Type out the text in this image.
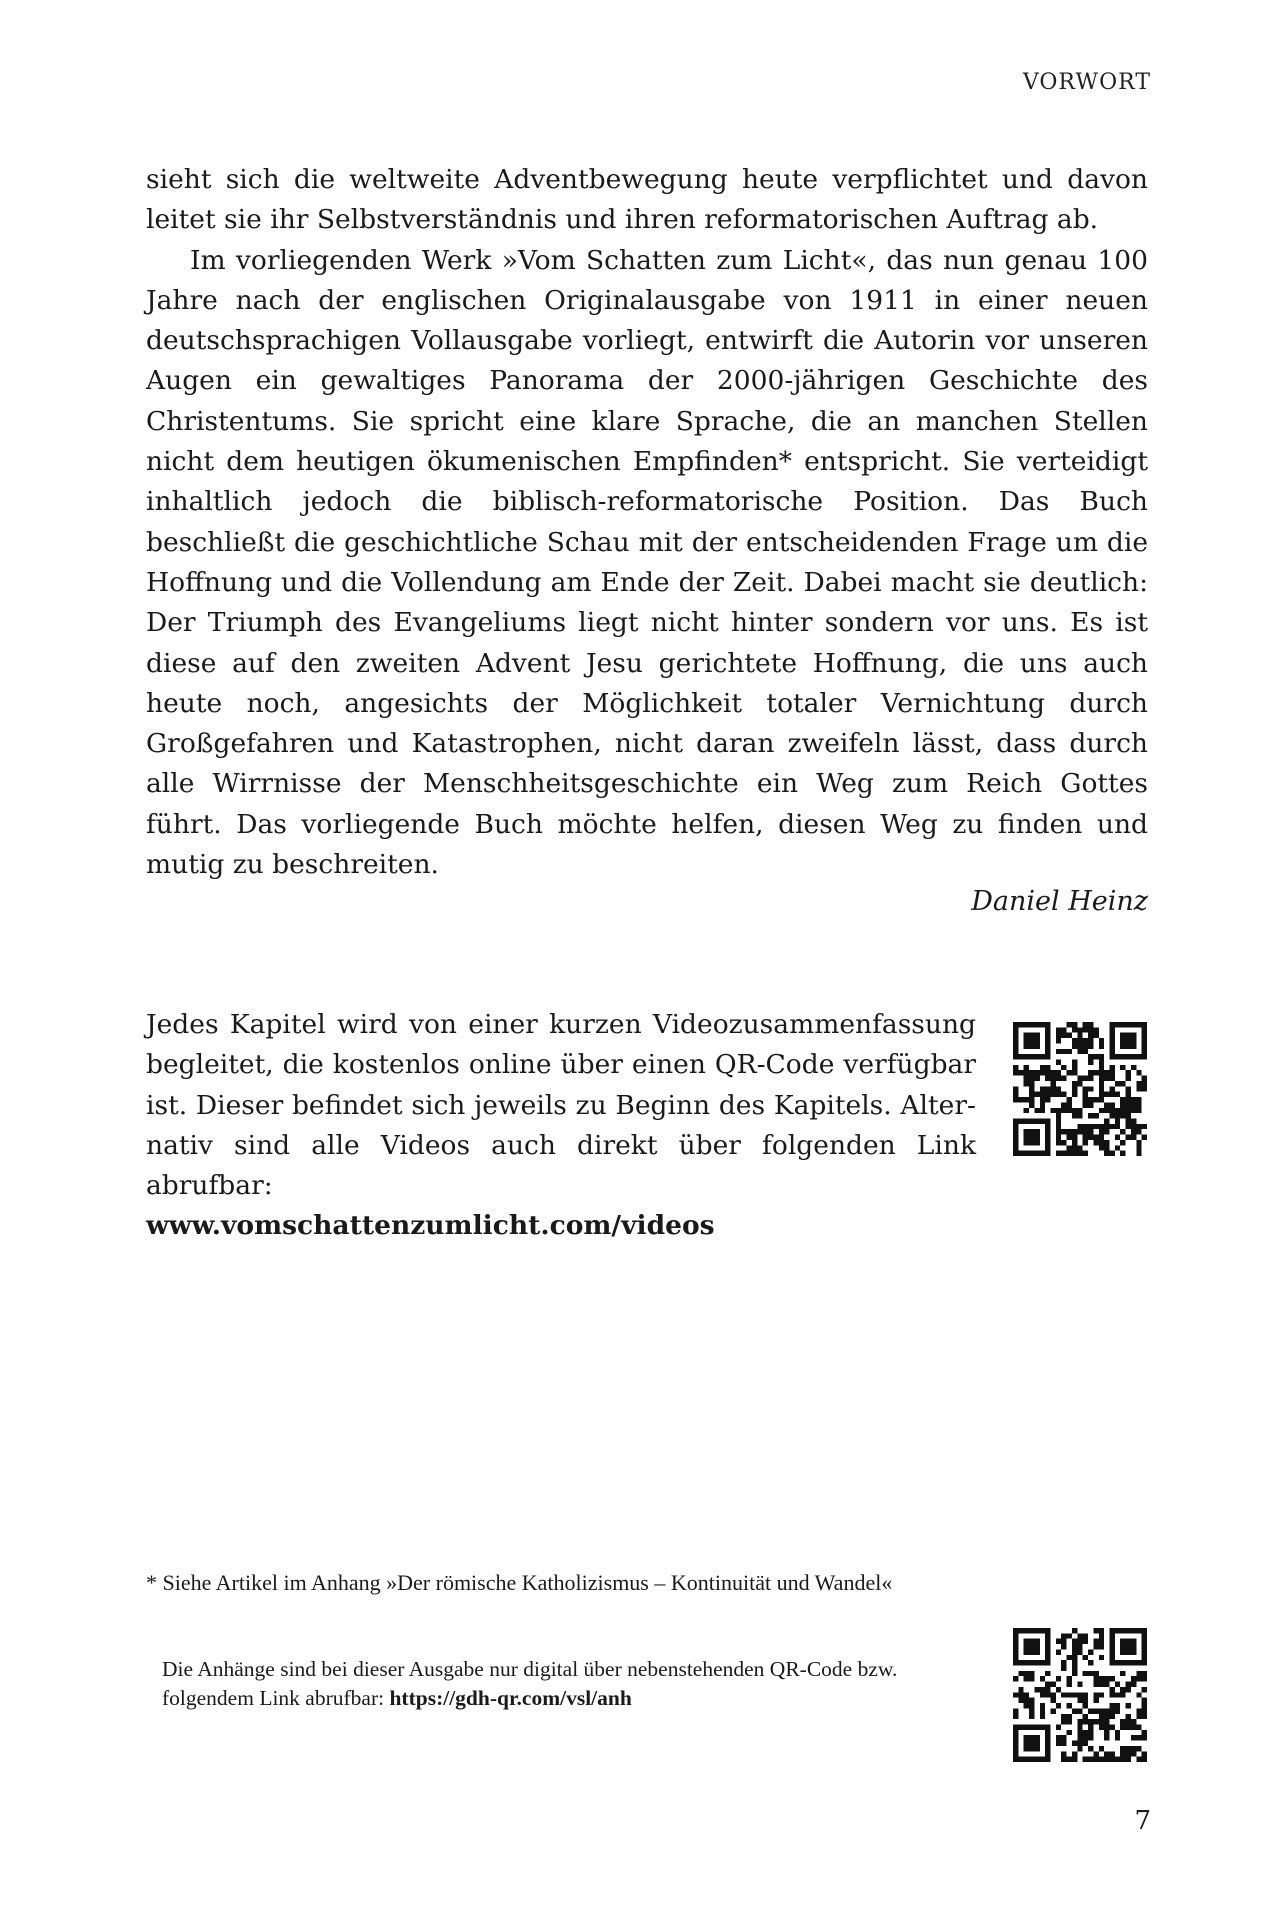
VORWORT

sieht sich die weltweite Adventbewegung heute verpflichtet und davon leitet sie ihr Selbstverständnis und ihren reformatorischen Auftrag ab.

Im vorliegenden Werk »Vom Schatten zum Licht«, das nun genau 100 Jahre nach der englischen Originalausgabe von 1911 in einer neuen deutschsprachigen Vollausgabe vorliegt, entwirft die Autorin vor unseren Augen ein gewaltiges Panorama der 2000-jährigen Geschichte des Christentums. Sie spricht eine klare Sprache, die an manchen Stellen nicht dem heutigen ökumenischen Empfinden* entspricht. Sie verteidigt inhaltlich jedoch die biblisch-reformatorische Position. Das Buch beschließt die geschichtliche Schau mit der entscheidenden Frage um die Hoffnung und die Vollendung am Ende der Zeit. Dabei macht sie deutlich: Der Triumph des Evangeliums liegt nicht hinter sondern vor uns. Es ist diese auf den zweiten Advent Jesu gerichtete Hoffnung, die uns auch heute noch, angesichts der Möglichkeit totaler Vernichtung durch Großgefahren und Katastrophen, nicht daran zweifeln lässt, dass durch alle Wirrnisse der Menschheitsgeschichte ein Weg zum Reich Gottes führt. Das vorliegende Buch möchte helfen, diesen Weg zu finden und mutig zu beschreiten.

Daniel Heinz

Jedes Kapitel wird von einer kurzen Videozusammenfassung begleitet, die kostenlos online über einen QR-Code verfügbar ist. Dieser befindet sich jeweils zu Beginn des Kapitels. Alternativ sind alle Videos auch direkt über folgenden Link abrufbar:
www.vomschattenzumlicht.com/videos

* Siehe Artikel im Anhang »Der römische Katholizismus – Kontinuität und Wandel«

Die Anhänge sind bei dieser Ausgabe nur digital über nebenstehenden QR-Code bzw. folgendem Link abrufbar: https://gdh-qr.com/vsl/anh

7
